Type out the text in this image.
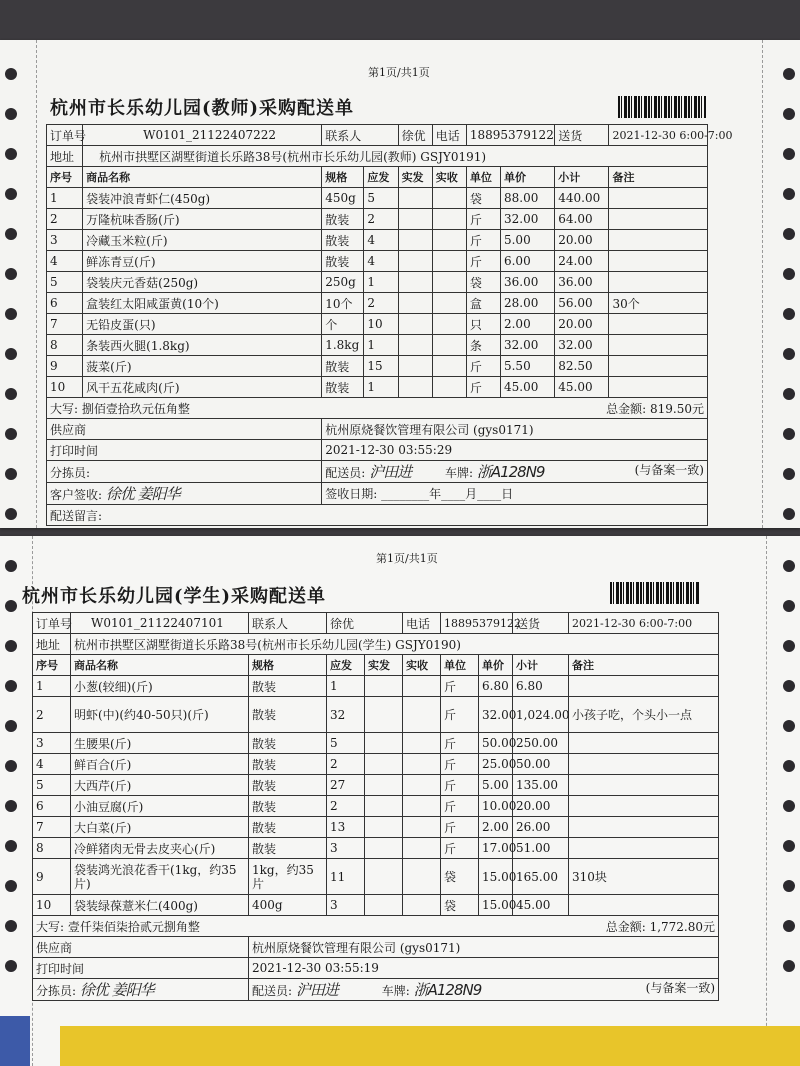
第1页/共1页
杭州市长乐幼儿园(教师)采购配送单
订单号	W0101_21122407222	联系人		徐优	电话	18895379122		送货	2021-12-30 6:00-7:00
地址	杭州市拱墅区湖墅街道长乐路38号(杭州市长乐幼儿园(教师) GSJY0191)								
序号	商品名称	规格	应发	实发	实收	单位	单价	小计	备注
1	袋装冲浪青虾仁(450g)	450g	5			袋	88.00	440.00	
2	万隆杭味香肠(斤)	散装	2			斤	32.00	64.00	
3	冷藏玉米粒(斤)	散装	4			斤	5.00	20.00	
4	鲜冻青豆(斤)	散装	4			斤	6.00	24.00	
5	袋装庆元香菇(250g)	250g	1			袋	36.00	36.00	
6	盒装红太阳咸蛋黄(10个)	10个	2			盒	28.00	56.00	30个
7	无铅皮蛋(只)	个	10			只	2.00	20.00	
8	条装西火腿(1.8kg)	1.8kg	1			条	32.00	32.00	
9	菠菜(斤)	散装	15			斤	5.50	82.50	
10	风干五花咸肉(斤)	散装	1			斤	45.00	45.00	
大写: 捌佰壹拾玖元伍角整 总金额: 819.50元									

供应商		杭州原烧餐饮管理有限公司 (gys0171)							
打印时间		2021-12-30 03:55:29							
分拣员:		配送员: 沪田进 车牌: 浙A128N9 (与备案一致)							

客户签收: 徐优 姜阳华		签收日期: ________年____月____日							
配送留言:									
第1页/共1页
杭州市长乐幼儿园(学生)采购配送单
订单号	W0101_21122407101	联系人	徐优		电话	18895379122		送货	2021-12-30 6:00-7:00
地址	杭州市拱墅区湖墅街道长乐路38号(杭州市长乐幼儿园(学生) GSJY0190)								
序号	商品名称	规格	应发	实发	实收	单位	单价	小计	备注
1	小葱(较细)(斤)	散装	1			斤	6.80	6.80	
2	明虾(中)(约40-50只)(斤)	散装	32			斤	32.00	1,024.00	小孩子吃，个头小一点
3	生腰果(斤)	散装	5			斤	50.00	250.00	
4	鲜百合(斤)	散装	2			斤	25.00	50.00	
5	大西芹(斤)	散装	27			斤	5.00	135.00	
6	小油豆腐(斤)	散装	2			斤	10.00	20.00	
7	大白菜(斤)	散装	13			斤	2.00	26.00	
8	冷鲜猪肉无骨去皮夹心(斤)	散装	3			斤	17.00	51.00	
9	袋装鸿光浪花香干(1kg，约35片)	1kg，约35片	11			袋	15.00	165.00	310块
10	袋装绿葆薏米仁(400g)	400g	3			袋	15.00	45.00	
大写: 壹仟柒佰柒拾贰元捌角整 总金额: 1,772.80元									

供应商		杭州原烧餐饮管理有限公司 (gys0171)							
打印时间		2021-12-30 03:55:19							
分拣员: 徐优 姜阳华		配送员: 沪田进 车牌: 浙A128N9 (与备案一致)							
